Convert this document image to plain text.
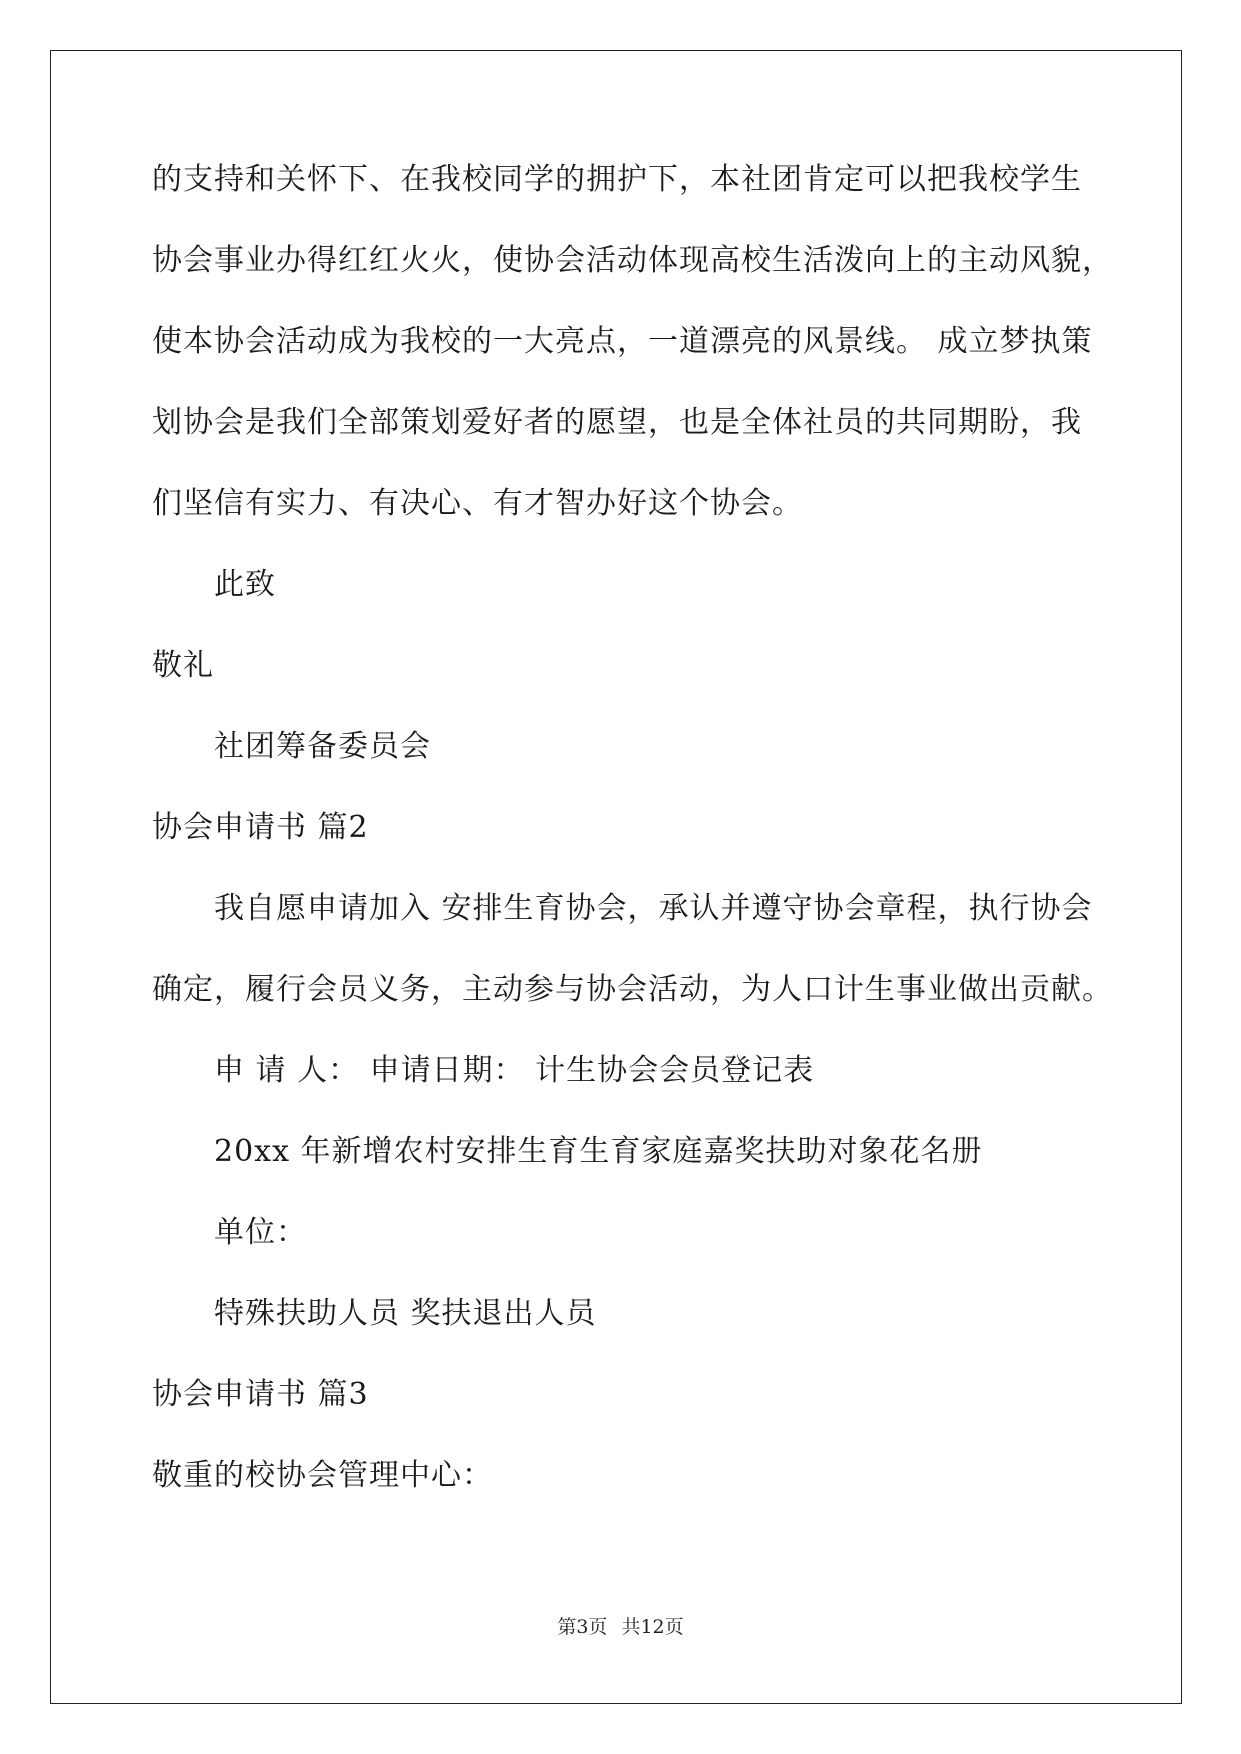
的支持和关怀下、在我校同学的拥护下，本社团肯定可以把我校学生
协会事业办得红红火火，使协会活动体现高校生活泼向上的主动风貌，
使本协会活动成为我校的一大亮点，一道漂亮的风景线。 成立梦执策
划协会是我们全部策划爱好者的愿望，也是全体社员的共同期盼，我
们坚信有实力、有决心、有才智办好这个协会。
此致
敬礼
社团筹备委员会
协会申请书 篇2
我自愿申请加入 安排生育协会，承认并遵守协会章程，执行协会
确定，履行会员义务，主动参与协会活动，为人口计生事业做出贡献。
申 请 人： 申请日期： 计生协会会员登记表
20xx 年新增农村安排生育生育家庭嘉奖扶助对象花名册
单位：
特殊扶助人员 奖扶退出人员
协会申请书 篇3
敬重的校协会管理中心：
第3页 共12页
